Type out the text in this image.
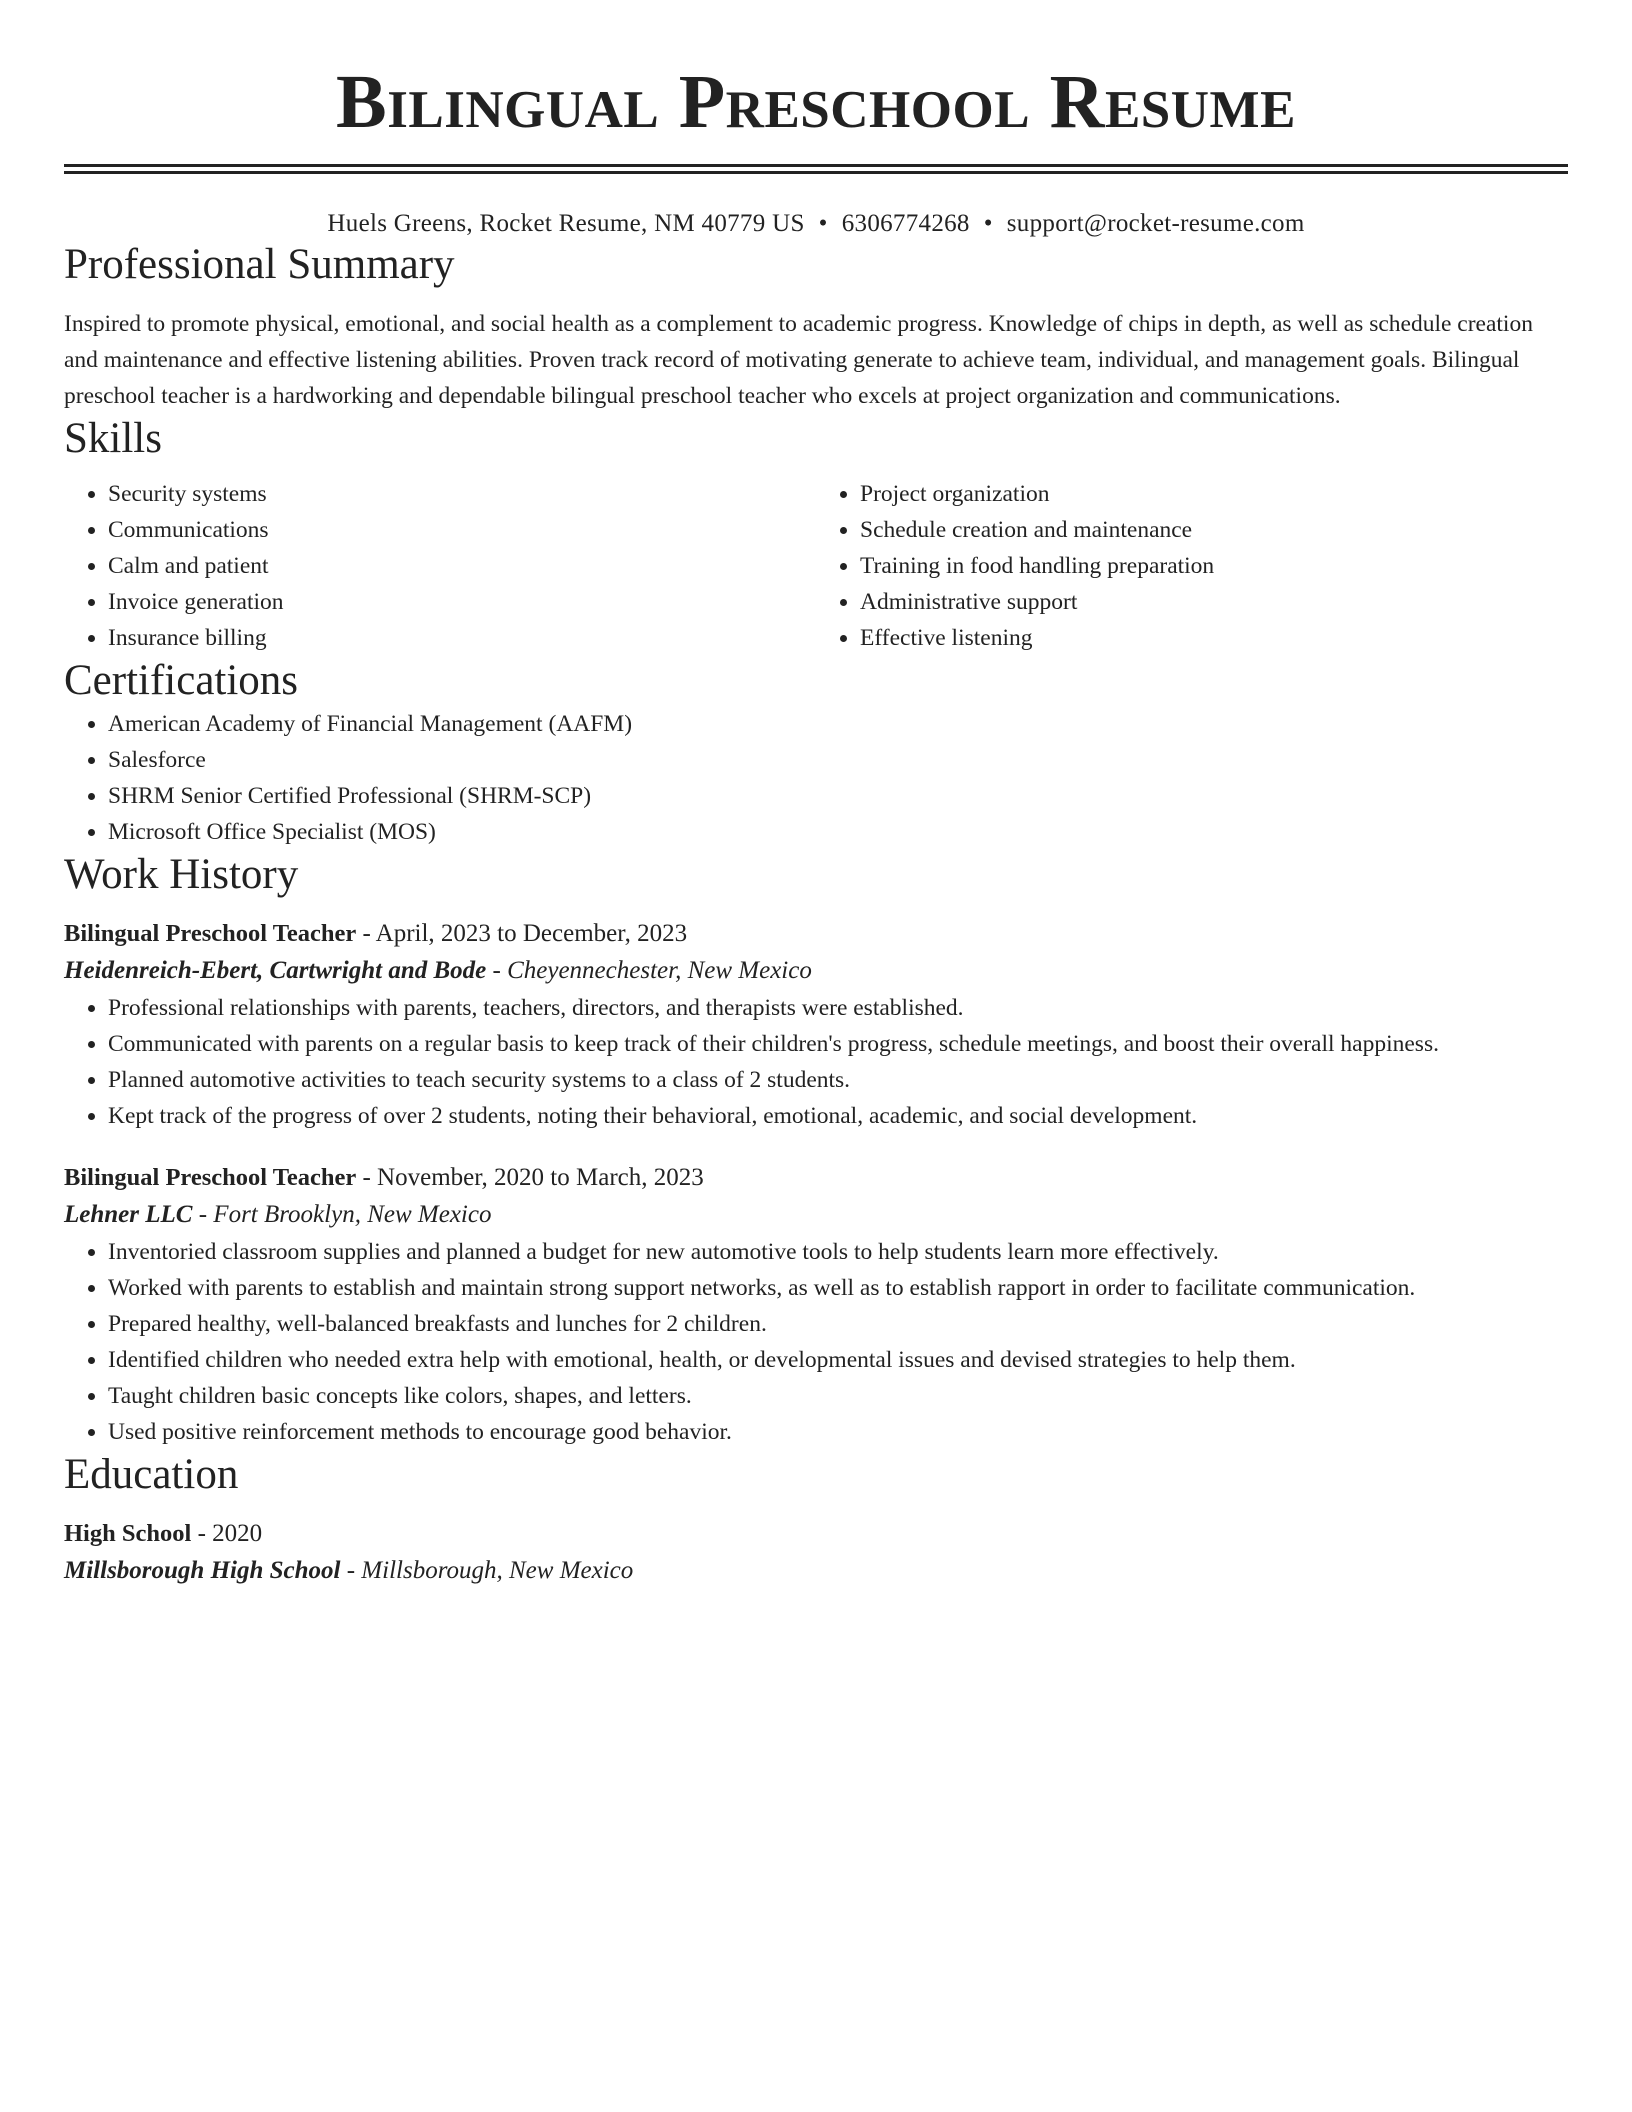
Bilingual Preschool Resume
Huels Greens, Rocket Resume, NM 40779 US • 6306774268 • support@rocket-resume.com
Professional Summary

Inspired to promote physical, emotional, and social health as a complement to academic progress. Knowledge of chips in depth, as well as schedule creation and maintenance and effective listening abilities. Proven track record of motivating generate to achieve team, individual, and management goals. Bilingual preschool teacher is a hardworking and dependable bilingual preschool teacher who excels at project organization and communications.

Skills
• Security systems
• Communications
• Calm and patient
• Invoice generation
• Insurance billing
• Project organization
• Schedule creation and maintenance
• Training in food handling preparation
• Administrative support
• Effective listening
Certifications
• American Academy of Financial Management (AAFM)
• Salesforce
• SHRM Senior Certified Professional (SHRM-SCP)
• Microsoft Office Specialist (MOS)
Work History
Bilingual Preschool Teacher - April, 2023 to December, 2023
Heidenreich-Ebert, Cartwright and Bode - Cheyennechester, New Mexico
• Professional relationships with parents, teachers, directors, and therapists were established.
• Communicated with parents on a regular basis to keep track of their children's progress, schedule meetings, and boost their overall happiness.
• Planned automotive activities to teach security systems to a class of 2 students.
• Kept track of the progress of over 2 students, noting their behavioral, emotional, academic, and social development.
Bilingual Preschool Teacher - November, 2020 to March, 2023
Lehner LLC - Fort Brooklyn, New Mexico
• Inventoried classroom supplies and planned a budget for new automotive tools to help students learn more effectively.
• Worked with parents to establish and maintain strong support networks, as well as to establish rapport in order to facilitate communication.
• Prepared healthy, well-balanced breakfasts and lunches for 2 children.
• Identified children who needed extra help with emotional, health, or developmental issues and devised strategies to help them.
• Taught children basic concepts like colors, shapes, and letters.
• Used positive reinforcement methods to encourage good behavior.
Education
High School - 2020
Millsborough High School - Millsborough, New Mexico
